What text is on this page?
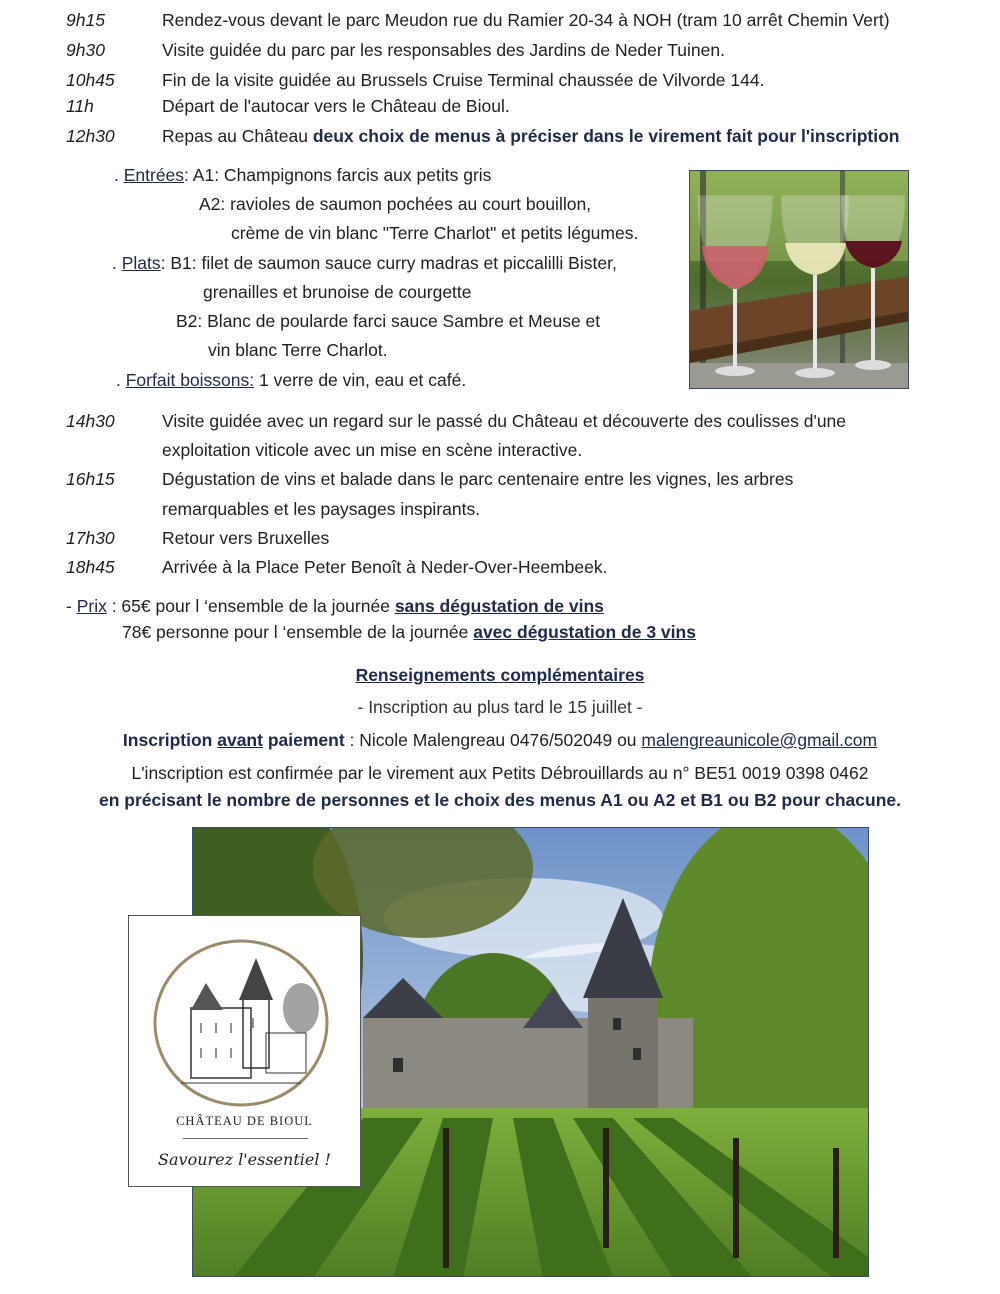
9h15	Rendez-vous devant le parc Meudon rue du Ramier 20-34 à NOH (tram 10 arrêt Chemin Vert)
9h30	Visite guidée du parc par les responsables des Jardins de Neder Tuinen.
10h45	Fin de la visite guidée au Brussels Cruise Terminal chaussée de Vilvorde 144.
11h	Départ de l'autocar vers le Château de Bioul.
12h30	Repas au Château deux choix de menus à préciser dans le virement fait pour l'inscription
. Entrées: A1: Champignons farcis aux petits gris
A2: ravioles de saumon pochées au court bouillon,
crème de vin blanc "Terre Charlot" et petits légumes.
. Plats: B1: filet de saumon sauce curry madras et piccalilli Bister,
grenailles et brunoise de courgette
B2: Blanc de poularde farci sauce Sambre et Meuse et
vin blanc Terre Charlot.
. Forfait boissons: 1 verre de vin, eau et café.
14h30	Visite guidée avec un regard sur le passé du Château et découverte des coulisses d'une
exploitation viticole avec un mise en scène interactive.
16h15	Dégustation de vins et balade dans le parc centenaire entre les vignes, les arbres
remarquables et les paysages inspirants.
17h30	Retour vers Bruxelles
18h45	Arrivée à la Place Peter Benoît à Neder-Over-Heembeek.
- Prix : 65€ pour l ‘ensemble de la journée sans dégustation de vins
78€ personne pour l ‘ensemble de la journée avec dégustation de 3 vins
Renseignements complémentaires
- Inscription au plus tard le 15 juillet -
Inscription avant paiement : Nicole Malengreau 0476/502049 ou malengreaunicole@gmail.com
L'inscription est confirmée par le virement aux Petits Débrouillards au n° BE51 0019 0398 0462
en précisant le nombre de personnes et le choix des menus A1 ou A2 et B1 ou B2 pour chacune.
CHÂTEAU DE BIOUL
Savourez l'essentiel !
